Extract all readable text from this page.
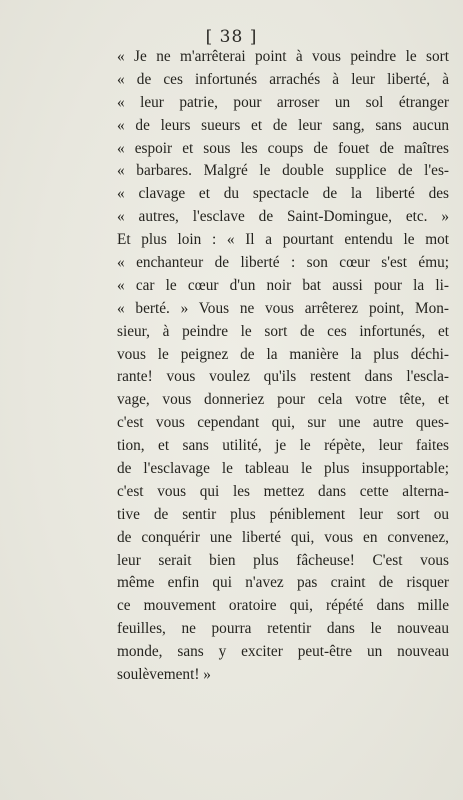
[ 38 ]
« Je ne m'arrêterai point à vous peindre le sort
« de ces infortunés arrachés à leur liberté, à
« leur patrie, pour arroser un sol étranger
« de leurs sueurs et de leur sang, sans aucun
« espoir et sous les coups de fouet de maîtres
« barbares. Malgré le double supplice de l'es-
« clavage et du spectacle de la liberté des
« autres, l'esclave de Saint-Domingue, etc. »
Et plus loin : « Il a pourtant entendu le mot
« enchanteur de liberté : son cœur s'est ému;
« car le cœur d'un noir bat aussi pour la li-
« berté. » Vous ne vous arrêterez point, Mon-
sieur, à peindre le sort de ces infortunés, et
vous le peignez de la manière la plus déchi-
rante! vous voulez qu'ils restent dans l'escla-
vage, vous donneriez pour cela votre tête, et
c'est vous cependant qui, sur une autre ques-
tion, et sans utilité, je le répète, leur faites
de l'esclavage le tableau le plus insupportable;
c'est vous qui les mettez dans cette alterna-
tive de sentir plus péniblement leur sort ou
de conquérir une liberté qui, vous en convenez,
leur serait bien plus fâcheuse! C'est vous
même enfin qui n'avez pas craint de risquer
ce mouvement oratoire qui, répété dans mille
feuilles, ne pourra retentir dans le nouveau
monde, sans y exciter peut-être un nouveau
soulèvement! »
